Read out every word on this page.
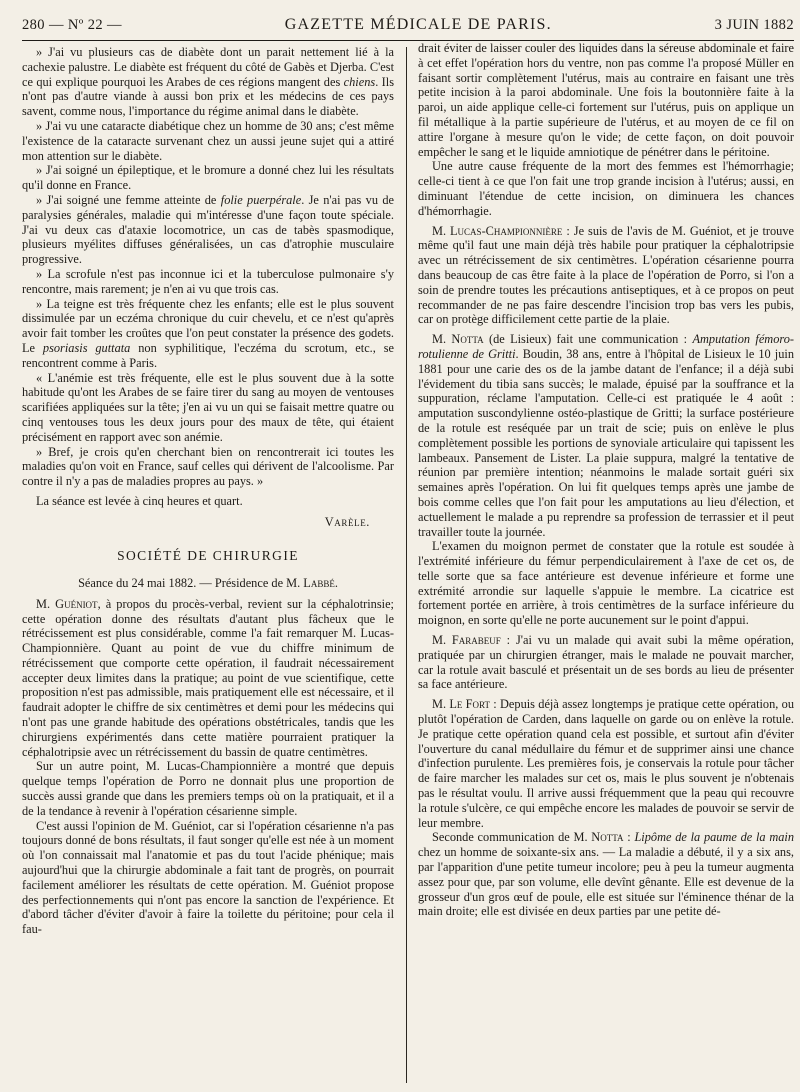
280 — Nº 22 —	GAZETTE MÉDICALE DE PARIS.	3 JUIN 1882

» J'ai vu plusieurs cas de diabète dont un parait nettement lié à la cachexie palustre. Le diabète est fréquent du côté de Gabès et Djerba. C'est ce qui explique pourquoi les Arabes de ces régions mangent des chiens. Ils n'ont pas d'autre viande à aussi bon prix et les médecins de ces pays savent, comme nous, l'importance du régime animal dans le diabète.

» J'ai vu une cataracte diabétique chez un homme de 30 ans; c'est même l'existence de la cataracte survenant chez un aussi jeune sujet qui a attiré mon attention sur le diabète.

» J'ai soigné un épileptique, et le bromure a donné chez lui les résultats qu'il donne en France.

» J'ai soigné une femme atteinte de folie puerpérale. Je n'ai pas vu de paralysies générales, maladie qui m'intéresse d'une façon toute spéciale. J'ai vu deux cas d'ataxie locomotrice, un cas de tabès spasmodique, plusieurs myélites diffuses généralisées, un cas d'atrophie musculaire progressive.

» La scrofule n'est pas inconnue ici et la tuberculose pulmonaire s'y rencontre, mais rarement; je n'en ai vu que trois cas.

» La teigne est très fréquente chez les enfants; elle est le plus souvent dissimulée par un eczéma chronique du cuir chevelu, et ce n'est qu'après avoir fait tomber les croûtes que l'on peut constater la présence des godets. Le psoriasis guttata non syphilitique, l'eczéma du scrotum, etc., se rencontrent comme à Paris.

« L'anémie est très fréquente, elle est le plus souvent due à la sotte habitude qu'ont les Arabes de se faire tirer du sang au moyen de ventouses scarifiées appliquées sur la tête; j'en ai vu un qui se faisait mettre quatre ou cinq ventouses tous les deux jours pour des maux de tête, qui étaient précisément en rapport avec son anémie.

» Bref, je crois qu'en cherchant bien on rencontrerait ici toutes les maladies qu'on voit en France, sauf celles qui dérivent de l'alcoolisme. Par contre il n'y a pas de maladies propres au pays. »

La séance est levée à cinq heures et quart.

Varèle.
SOCIÉTÉ DE CHIRURGIE
Séance du 24 mai 1882. — Présidence de M. Labbé.

M. Guéniot, à propos du procès-verbal, revient sur la céphalotrinsie; cette opération donne des résultats d'autant plus fâcheux que le rétrécissement est plus considérable, comme l'a fait remarquer M. Lucas-Championnière. Quant au point de vue du chiffre minimum de rétrécissement que comporte cette opération, il faudrait nécessairement accepter deux limites dans la pratique; au point de vue scientifique, cette proposition n'est pas admissible, mais pratiquement elle est nécessaire, et il faudrait adopter le chiffre de six centimètres et demi pour les médecins qui n'ont pas une grande habitude des opérations obstétricales, tandis que les chirurgiens expérimentés dans cette matière pourraient pratiquer la céphalotripsie avec un rétrécissement du bassin de quatre centimètres.

Sur un autre point, M. Lucas-Championnière a montré que depuis quelque temps l'opération de Porro ne donnait plus une proportion de succès aussi grande que dans les premiers temps où on la pratiquait, et il a de la tendance à revenir à l'opération césarienne simple.

C'est aussi l'opinion de M. Guéniot, car si l'opération césarienne n'a pas toujours donné de bons résultats, il faut songer qu'elle est née à un moment où l'on connaissait mal l'anatomie et pas du tout l'acide phénique; mais aujourd'hui que la chirurgie abdominale a fait tant de progrès, on pourrait facilement améliorer les résultats de cette opération. M. Guéniot propose des perfectionnements qui n'ont pas encore la sanction de l'expérience. Et d'abord tâcher d'éviter d'avoir à faire la toilette du péritoine; pour cela il fau-

drait éviter de laisser couler des liquides dans la séreuse abdominale et faire à cet effet l'opération hors du ventre, non pas comme l'a proposé Müller en faisant sortir complètement l'utérus, mais au contraire en faisant une très petite incision à la paroi abdominale. Une fois la boutonnière faite à la paroi, un aide applique celle-ci fortement sur l'utérus, puis on applique un fil métallique à la partie supérieure de l'utérus, et au moyen de ce fil on attire l'organe à mesure qu'on le vide; de cette façon, on doit pouvoir empêcher le sang et le liquide amniotique de pénétrer dans le péritoine.

Une autre cause fréquente de la mort des femmes est l'hémorrhagie; celle-ci tient à ce que l'on fait une trop grande incision à l'utérus; aussi, en diminuant l'étendue de cette incision, on diminuera les chances d'hémorrhagie.

M. Lucas-Championnière : Je suis de l'avis de M. Guéniot, et je trouve même qu'il faut une main déjà très habile pour pratiquer la céphalotripsie avec un rétrécissement de six centimètres. L'opération césarienne pourra dans beaucoup de cas être faite à la place de l'opération de Porro, si l'on a soin de prendre toutes les précautions antiseptiques, et à ce propos on peut recommander de ne pas faire descendre l'incision trop bas vers les pubis, car on protège difficilement cette partie de la plaie.

M. Notta (de Lisieux) fait une communication : Amputation fémoro-rotulienne de Gritti. Boudin, 38 ans, entre à l'hôpital de Lisieux le 10 juin 1881 pour une carie des os de la jambe datant de l'enfance; il a déjà subi l'évidement du tibia sans succès; le malade, épuisé par la souffrance et la suppuration, réclame l'amputation. Celle-ci est pratiquée le 4 août : amputation suscondylienne ostéo-plastique de Gritti; la surface postérieure de la rotule est reséquée par un trait de scie; puis on enlève le plus complètement possible les portions de synoviale articulaire qui tapissent les lambeaux. Pansement de Lister. La plaie suppura, malgré la tentative de réunion par première intention; néanmoins le malade sortait guéri six semaines après l'opération. On lui fit quelques temps après une jambe de bois comme celles que l'on fait pour les amputations au lieu d'élection, et actuellement le malade a pu reprendre sa profession de terrassier et il peut travailler toute la journée.

L'examen du moignon permet de constater que la rotule est soudée à l'extrémité inférieure du fémur perpendiculairement à l'axe de cet os, de telle sorte que sa face antérieure est devenue inférieure et forme une extrémité arrondie sur laquelle s'appuie le membre. La cicatrice est fortement portée en arrière, à trois centimètres de la surface inférieure du moignon, en sorte qu'elle ne porte aucunement sur le point d'appui.

M. Farabeuf : J'ai vu un malade qui avait subi la même opération, pratiquée par un chirurgien étranger, mais le malade ne pouvait marcher, car la rotule avait basculé et présentait un de ses bords au lieu de présenter sa face antérieure.

M. Le Fort : Depuis déjà assez longtemps je pratique cette opération, ou plutôt l'opération de Carden, dans laquelle on garde ou on enlève la rotule. Je pratique cette opération quand cela est possible, et surtout afin d'éviter l'ouverture du canal médullaire du fémur et de supprimer ainsi une chance d'infection purulente. Les premières fois, je conservais la rotule pour tâcher de faire marcher les malades sur cet os, mais le plus souvent je n'obtenais pas le résultat voulu. Il arrive aussi fréquemment que la peau qui recouvre la rotule s'ulcère, ce qui empêche encore les malades de pouvoir se servir de leur membre.

Seconde communication de M. Notta : Lipôme de la paume de la main chez un homme de soixante-six ans. — La maladie a débuté, il y a six ans, par l'apparition d'une petite tumeur incolore; peu à peu la tumeur augmenta assez pour que, par son volume, elle devînt gênante. Elle est devenue de la grosseur d'un gros œuf de poule, elle est située sur l'éminence thénar de la main droite; elle est divisée en deux parties par une petite dé-
